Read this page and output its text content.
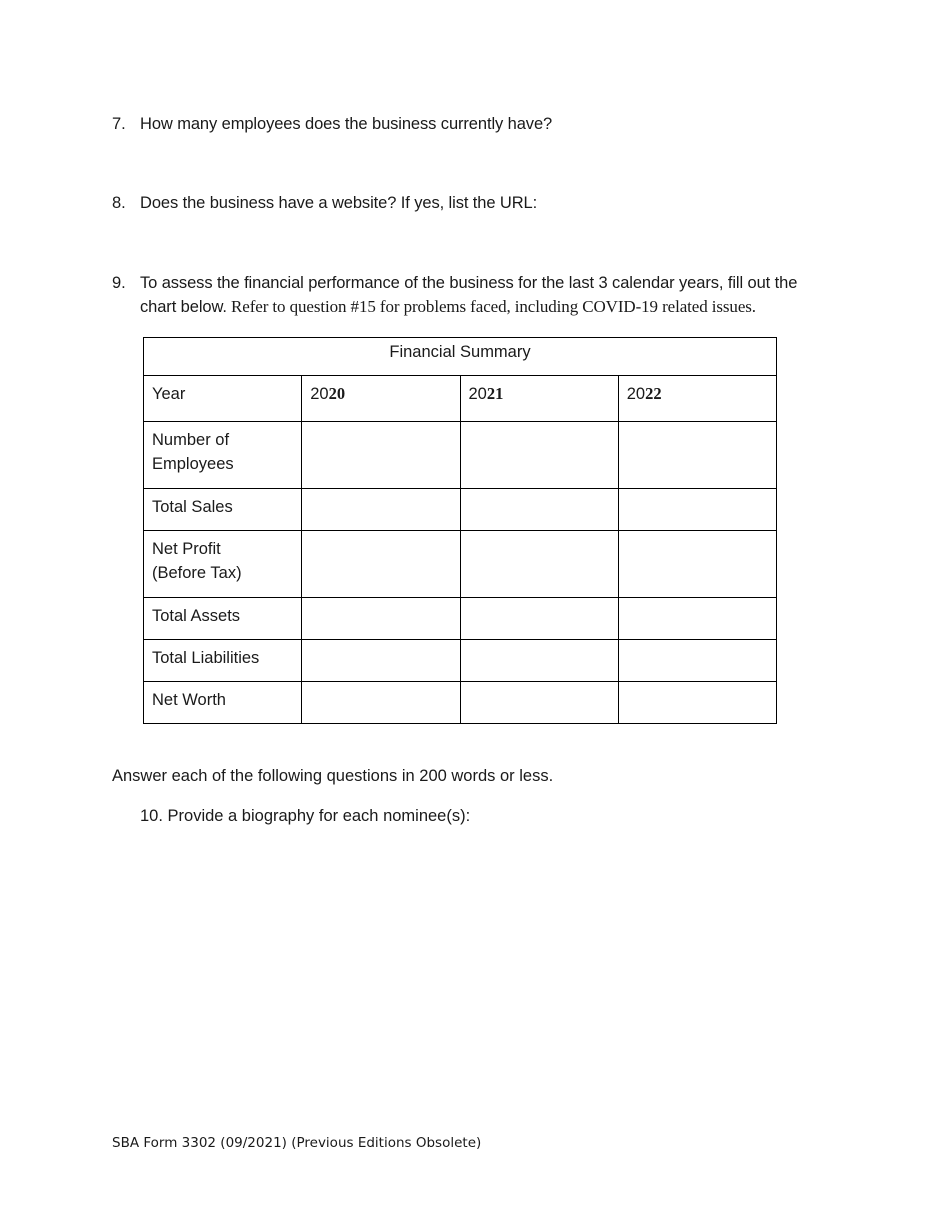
7. How many employees does the business currently have?
8. Does the business have a website? If yes, list the URL:
9. To assess the financial performance of the business for the last 3 calendar years, fill out the
chart below. Refer to question #15 for problems faced, including COVID-19 related issues.
Financial Summary			
Year	2020	2021	2022
Number of
Employees			
Total Sales			
Net Profit
(Before Tax)			
Total Assets			
Total Liabilities			
Net Worth			
Answer each of the following questions in 200 words or less.
10. Provide a biography for each nominee(s):
SBA Form 3302 (09/2021) (Previous Editions Obsolete)
